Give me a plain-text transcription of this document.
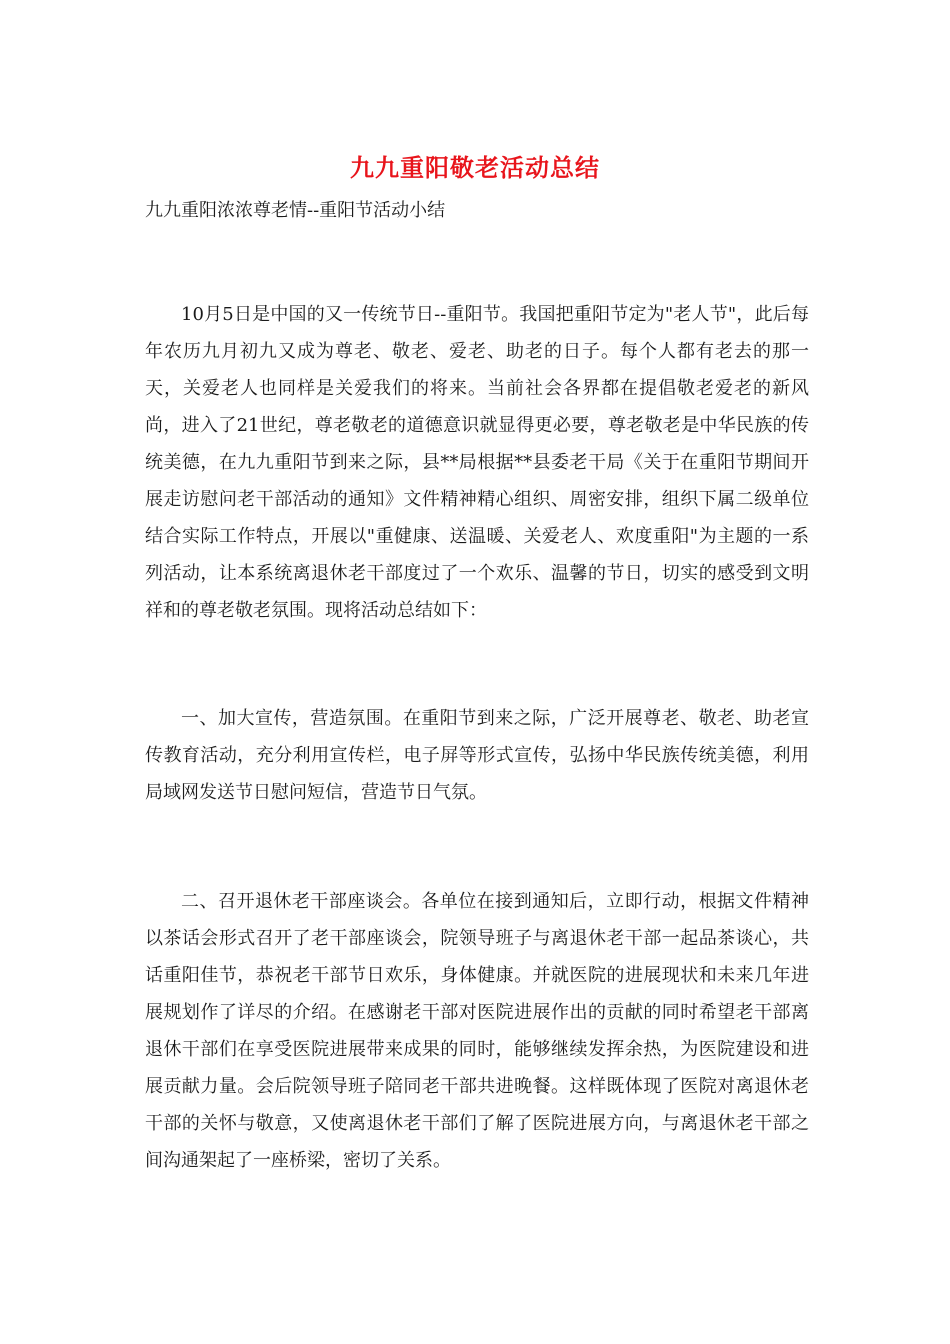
九九重阳敬老活动总结
九九重阳浓浓尊老情--重阳节活动小结

10月5日是中国的又一传统节日--重阳节。我国把重阳节定为"老人节"，此后每年农历九月初九又成为尊老、敬老、爱老、助老的日子。每个人都有老去的那一天，关爱老人也同样是关爱我们的将来。当前社会各界都在提倡敬老爱老的新风尚，进入了21世纪，尊老敬老的道德意识就显得更必要，尊老敬老是中华民族的传统美德，在九九重阳节到来之际，县**局根据**县委老干局《关于在重阳节期间开展走访慰问老干部活动的通知》文件精神精心组织、周密安排，组织下属二级单位结合实际工作特点，开展以"重健康、送温暖、关爱老人、欢度重阳"为主题的一系列活动，让本系统离退休老干部度过了一个欢乐、温馨的节日，切实的感受到文明祥和的尊老敬老氛围。现将活动总结如下：

一、加大宣传，营造氛围。在重阳节到来之际，广泛开展尊老、敬老、助老宣传教育活动，充分利用宣传栏，电子屏等形式宣传，弘扬中华民族传统美德，利用局域网发送节日慰问短信，营造节日气氛。

二、召开退休老干部座谈会。各单位在接到通知后，立即行动，根据文件精神以茶话会形式召开了老干部座谈会，院领导班子与离退休老干部一起品茶谈心，共话重阳佳节，恭祝老干部节日欢乐，身体健康。并就医院的进展现状和未来几年进展规划作了详尽的介绍。在感谢老干部对医院进展作出的贡献的同时希望老干部离退休干部们在享受医院进展带来成果的同时，能够继续发挥余热，为医院建设和进展贡献力量。会后院领导班子陪同老干部共进晚餐。这样既体现了医院对离退休老干部的关怀与敬意，又使离退休老干部们了解了医院进展方向，与离退休老干部之间沟通架起了一座桥梁，密切了关系。
